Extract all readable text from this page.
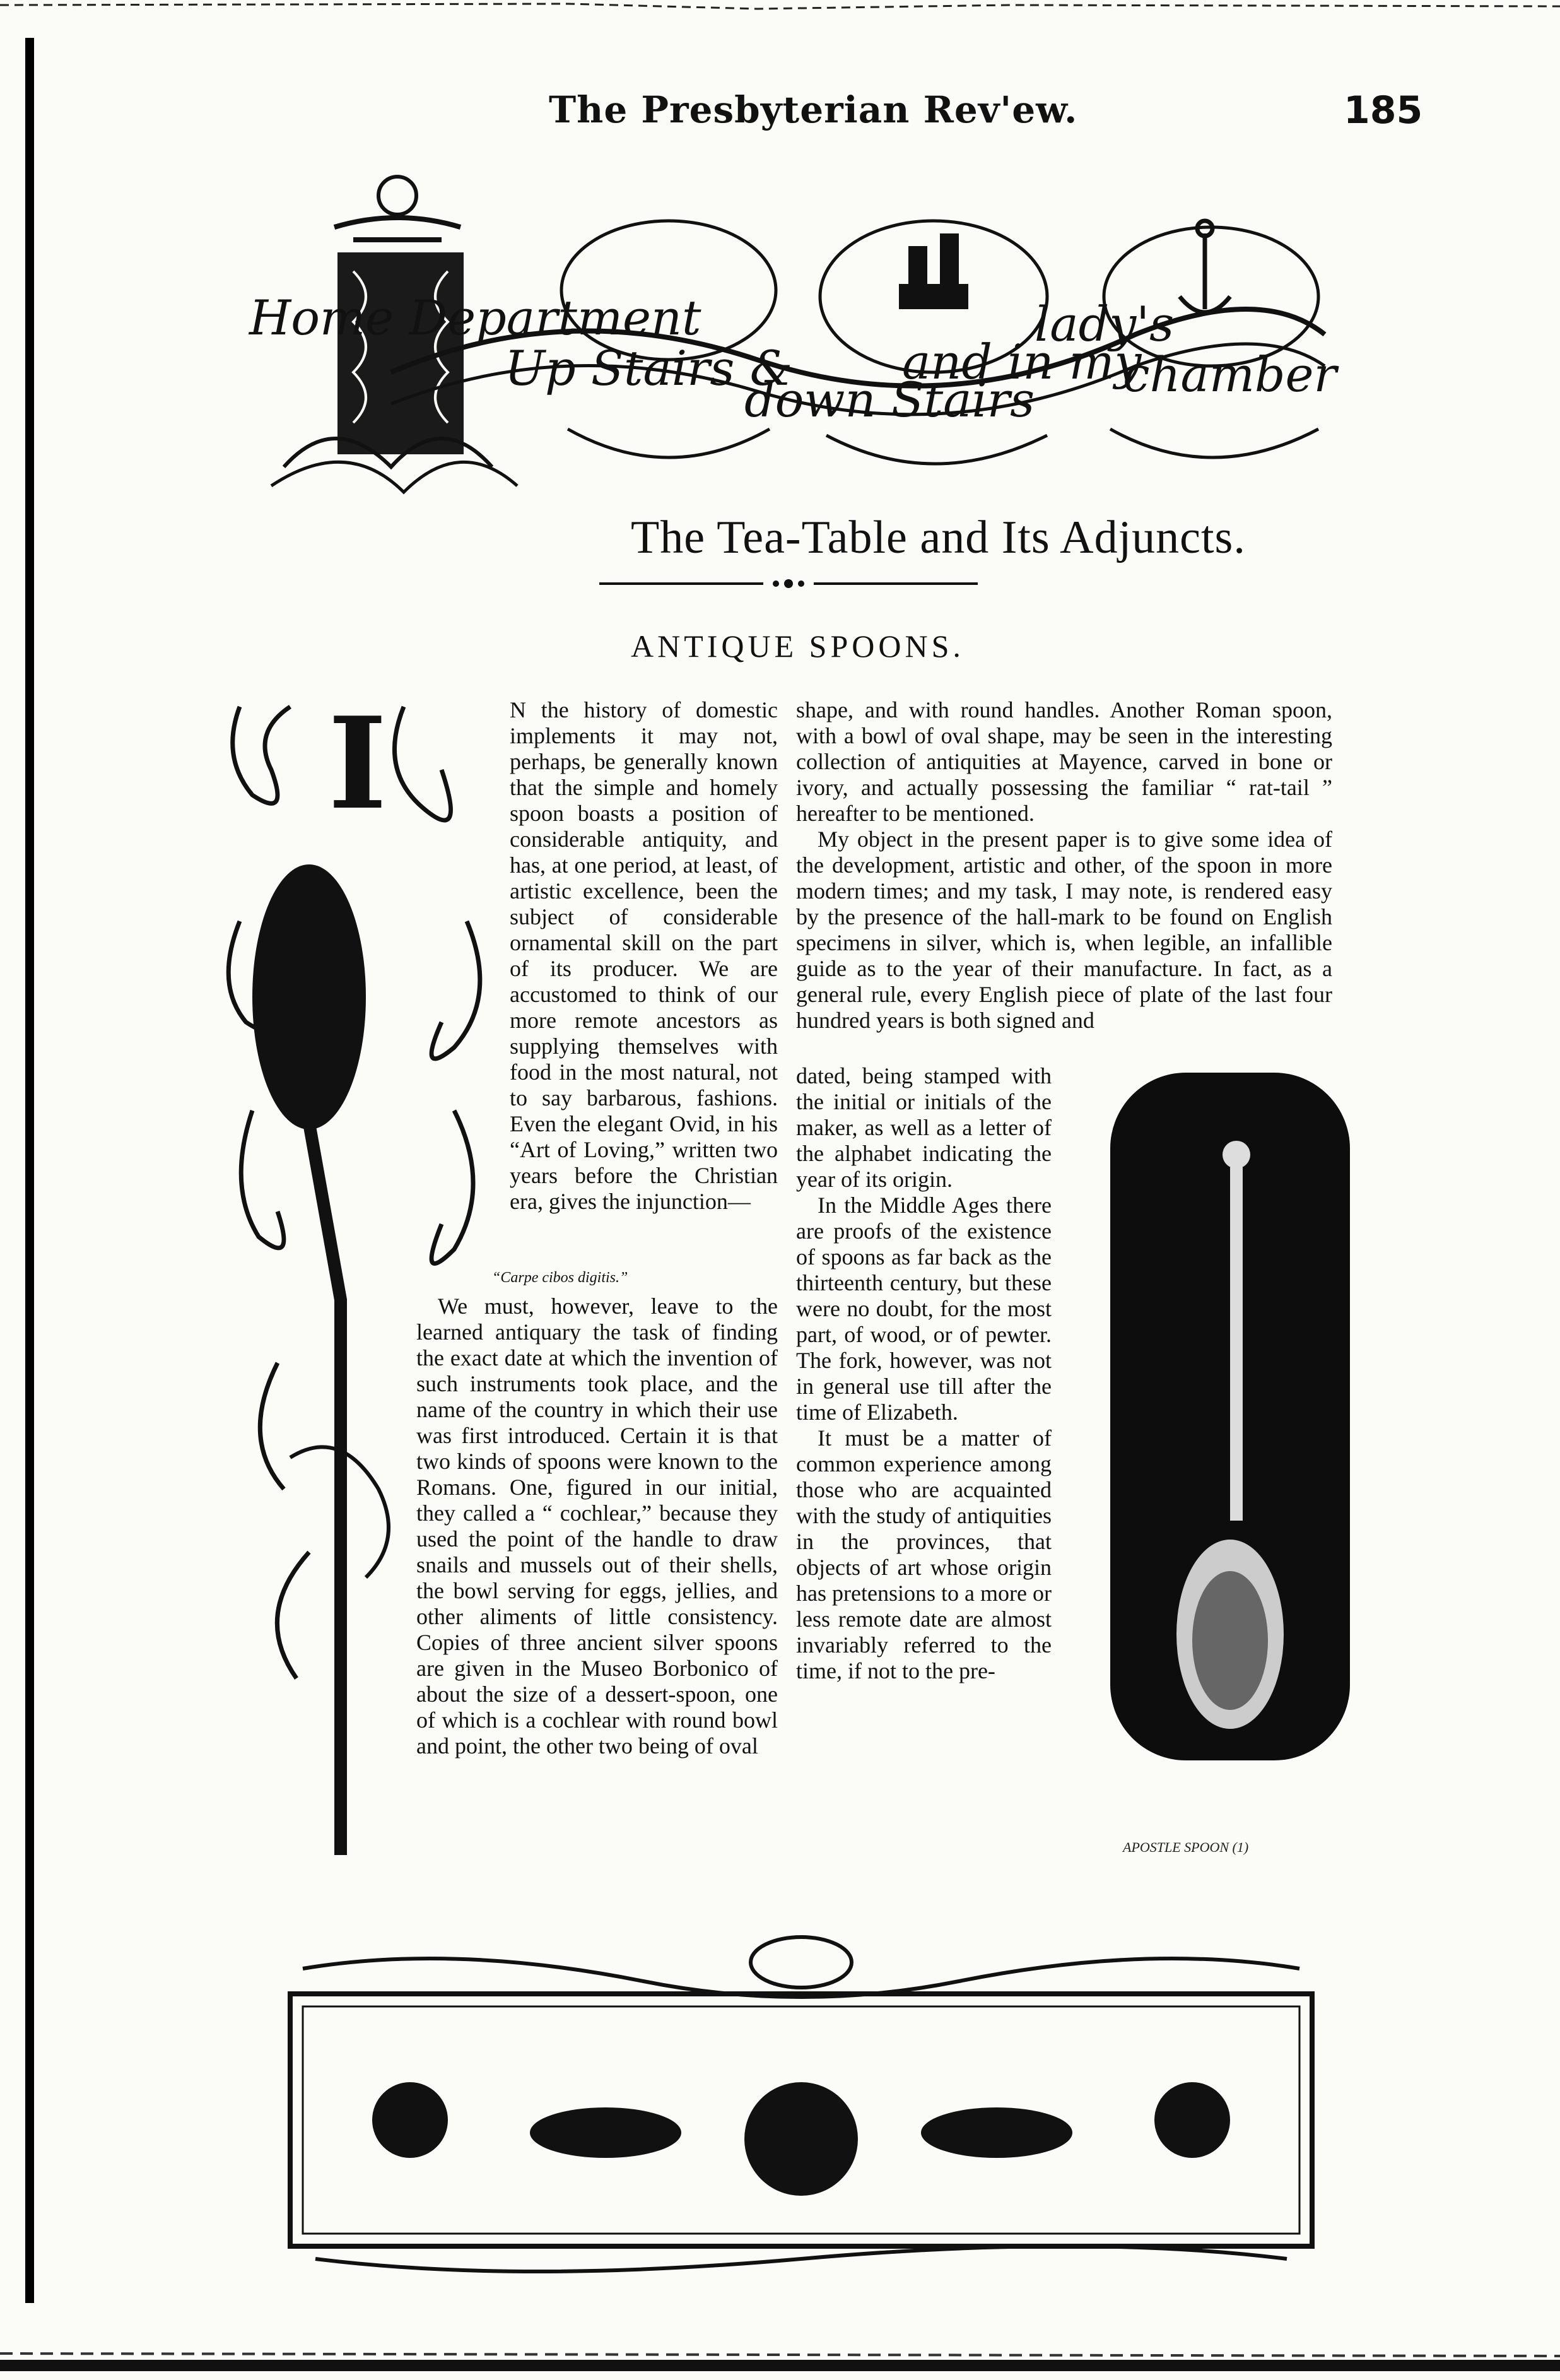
The Presbyterian Rev'ew.	185
Home Department
Up Stairs &
down Stairs
and in my
lady's
chamber
The Tea-Table and Its Adjuncts.
ANTIQUE SPOONS.
I	N the history of domestic implements it may not, perhaps, be generally known that the simple and homely spoon boasts a position of considerable antiquity, and has, at one period, at least, of artistic excellence, been the subject of considerable ornamental skill on the part of its producer. We are accustomed to think of our more remote ancestors as supplying themselves with food in the most natural, not to say barbarous, fashions. Even the elegant Ovid, in his “Art of Loving,” written two years before the Christian era, gives the injunction—

“Carpe cibos digitis.”

We must, however, leave to the learned antiquary the task of finding the exact date at which the invention of such instruments took place, and the name of the country in which their use was first introduced. Certain it is that two kinds of spoons were known to the Romans. One, figured in our initial, they called a “ cochlear,” because they used the point of the handle to draw snails and mussels out of their shells, the bowl serving for eggs, jellies, and other aliments of little consistency. Copies of three ancient silver spoons are given in the Museo Borbonico of about the size of a dessert-spoon, one of which is a cochlear with round bowl and point, the other two being of oval

shape, and with round handles. Another Roman spoon, with a bowl of oval shape, may be seen in the interesting collection of antiquities at Mayence, carved in bone or ivory, and actually possessing the familiar “ rat-tail ” hereafter to be mentioned.

My object in the present paper is to give some idea of the development, artistic and other, of the spoon in more modern times; and my task, I may note, is rendered easy by the presence of the hall-mark to be found on English specimens in silver, which is, when legible, an infallible guide as to the year of their manufacture. In fact, as a general rule, every English piece of plate of the last four hundred years is both signed and

dated, being stamped with the initial or initials of the maker, as well as a letter of the alphabet indicating the year of its origin.

In the Middle Ages there are proofs of the existence of spoons as far back as the thirteenth century, but these were no doubt, for the most part, of wood, or of pewter. The fork, however, was not in general use till after the time of Elizabeth.

It must be a matter of common experience among those who are acquainted with the study of antiquities in the provinces, that objects of art whose origin has pretensions to a more or less remote date are almost invariably referred to the time, if not to the pre-

APOSTLE SPOON (1)
